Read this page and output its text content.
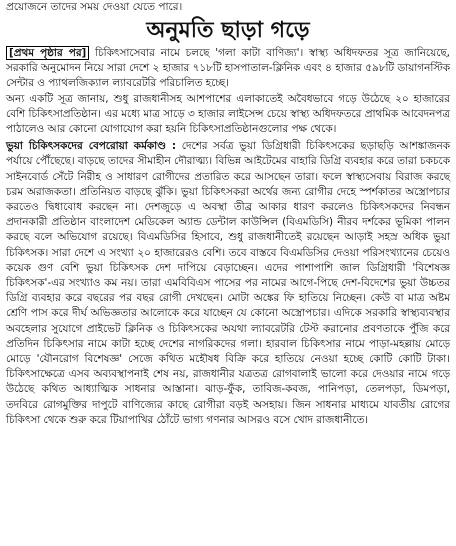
প্রয়োজনে তাদের সময় দেওয়া যেতে পারে।
অনুমতি ছাড়া গড়ে

[প্রথম পৃষ্ঠার পর] চিকিৎসাসেবার নামে চলছে 'গলা কাটা বাণিজ্য'। স্বাস্থ্য অধিদফতর সূত্র জানিয়েছে, সরকারি অনুমোদন নিয়ে সারা দেশে ২ হাজার ৭১৮টি হাসপাতাল-ক্লিনিক এবং ৪ হাজার ৫৯৮টি ডায়াগনস্টিক সেন্টার ও প্যাথলজিক্যাল ল্যাবরেটরি পরিচালিত হচ্ছে।

অন্য একটি সূত্র জানায়, শুধু রাজধানীসহ আশপাশের এলাকাতেই অবৈধভাবে গড়ে উঠেছে ২০ হাজারের বেশি চিকিৎসাপ্রতিষ্ঠান। এর মধ্যে মাত্র সাড়ে ৩ হাজার লাইসেন্স চেয়ে স্বাস্থ্য অধিদফতরে প্রাথমিক আবেদনপত্র পাঠালেও আর কোনো যোগাযোগ করা হয়নি চিকিৎসাপ্রতিষ্ঠানগুলোর পক্ষ থেকে।

ভুয়া চিকিৎসকদের বেপরোয়া কর্মকাণ্ড : দেশের সর্বত্র ভুয়া ডিগ্রিধারী চিকিৎসকের ছড়াছড়ি আশঙ্কাজনক পর্যায়ে পৌঁছেছে। বাড়ছে তাদের সীমাহীন দৌরাত্ম্য। বিভিন্ন আইটেমের বাহারি ডিগ্রি ব্যবহার করে তারা চকচকে সাইনবোর্ড সেঁটে নিরীহ ও সাধারণ রোগীদের প্রতারিত করে আসছেন তারা। ফলে স্বাস্থ্যসেবায় বিরাজ করছে চরম অরাজকতা। প্রতিনিয়ত বাড়ছে ঝুঁকি। ভুয়া চিকিৎসকরা অর্থের জন্য রোগীর দেহে স্পর্শকাতর অস্ত্রোপচার করতেও দ্বিধাবোধ করছেন না। দেশজুড়ে এ অবস্থা তীব্র আকার ধারণ করলেও চিকিৎসকদের নিবন্ধন প্রদানকারী প্রতিষ্ঠান বাংলাদেশ মেডিকেল অ্যান্ড ডেন্টাল কাউন্সিল (বিএমডিসি) নীরব দর্শকের ভূমিকা পালন করছে বলে অভিযোগ রয়েছে। বিএমডিসির হিসাবে, শুধু রাজধানীতেই রয়েছেন আড়াই সহস্র অধিক ভুয়া চিকিৎসক। সারা দেশে এ সংখ্যা ২০ হাজারেরও বেশি। তবে বাস্তবে বিএমডিসির দেওয়া পরিসংখ্যানের চেয়েও কয়েক গুণ বেশি ভুয়া চিকিৎসক দেশ দাপিয়ে বেড়াচ্ছেন। এদের পাশাপাশি জাল ডিগ্রিধারী 'বিশেষজ্ঞ চিকিৎসক'-এর সংখ্যাও কম নয়। তারা এমবিবিএস পাসের পর নামের আগে-পিছে দেশ-বিদেশের ভুয়া উচ্চতর ডিগ্রি ব্যবহার করে বছরের পর বছর রোগী দেখছেন। মোটা অঙ্কের ফি হাতিয়ে নিচ্ছেন। কেউ বা মাত্র অষ্টম শ্রেণি পাস করে দীর্ঘ অভিজ্ঞতার আলোকে করে যাচ্ছেন যে কোনো অস্ত্রোপচার। এদিকে সরকারি স্বাস্থ্যব্যবস্থার অবহেলার সুযোগে প্রাইভেট ক্লিনিক ও চিকিৎসকের অযথা ল্যাবরেটরি টেস্ট করানোর প্রবণতাকে পুঁজি করে প্রতিদিন চিকিৎসার নামে কাটা হচ্ছে দেশের নাগরিকদের গলা। হারবাল চিকিৎসার নামে পাড়া-মহল্লায় মোড়ে মোড়ে 'যৌনরোগ বিশেষজ্ঞ' সেজে কথিত মহৌষধ বিক্রি করে হাতিয়ে নেওয়া হচ্ছে কোটি কোটি টাকা। চিকিৎসাক্ষেত্রে এসব অব্যবস্থাপনাই শেষ নয়, রাজধানীর যত্রতত্র রোগবালাই ভালো করে দেওয়ার নামে গড়ে উঠেছে কথিত আধ্যাত্মিক সাধনার আস্তানা। ঝাড়-ফুঁক, তাবিজ-কবজ, পানিপড়া, তেলপড়া, ডিমপড়া, তদবিরে রোগমুক্তির দাপুটে বাণিজ্যের কাছে রোগীরা বড়ই অসহায়। জিন সাধনার মাধ্যমে যাবতীয় রোগের চিকিৎসা থেকে শুরু করে টিয়াপাখির ঠোঁটে ভাগ্য গণনার আসরও বসে খোদ রাজধানীতে।
